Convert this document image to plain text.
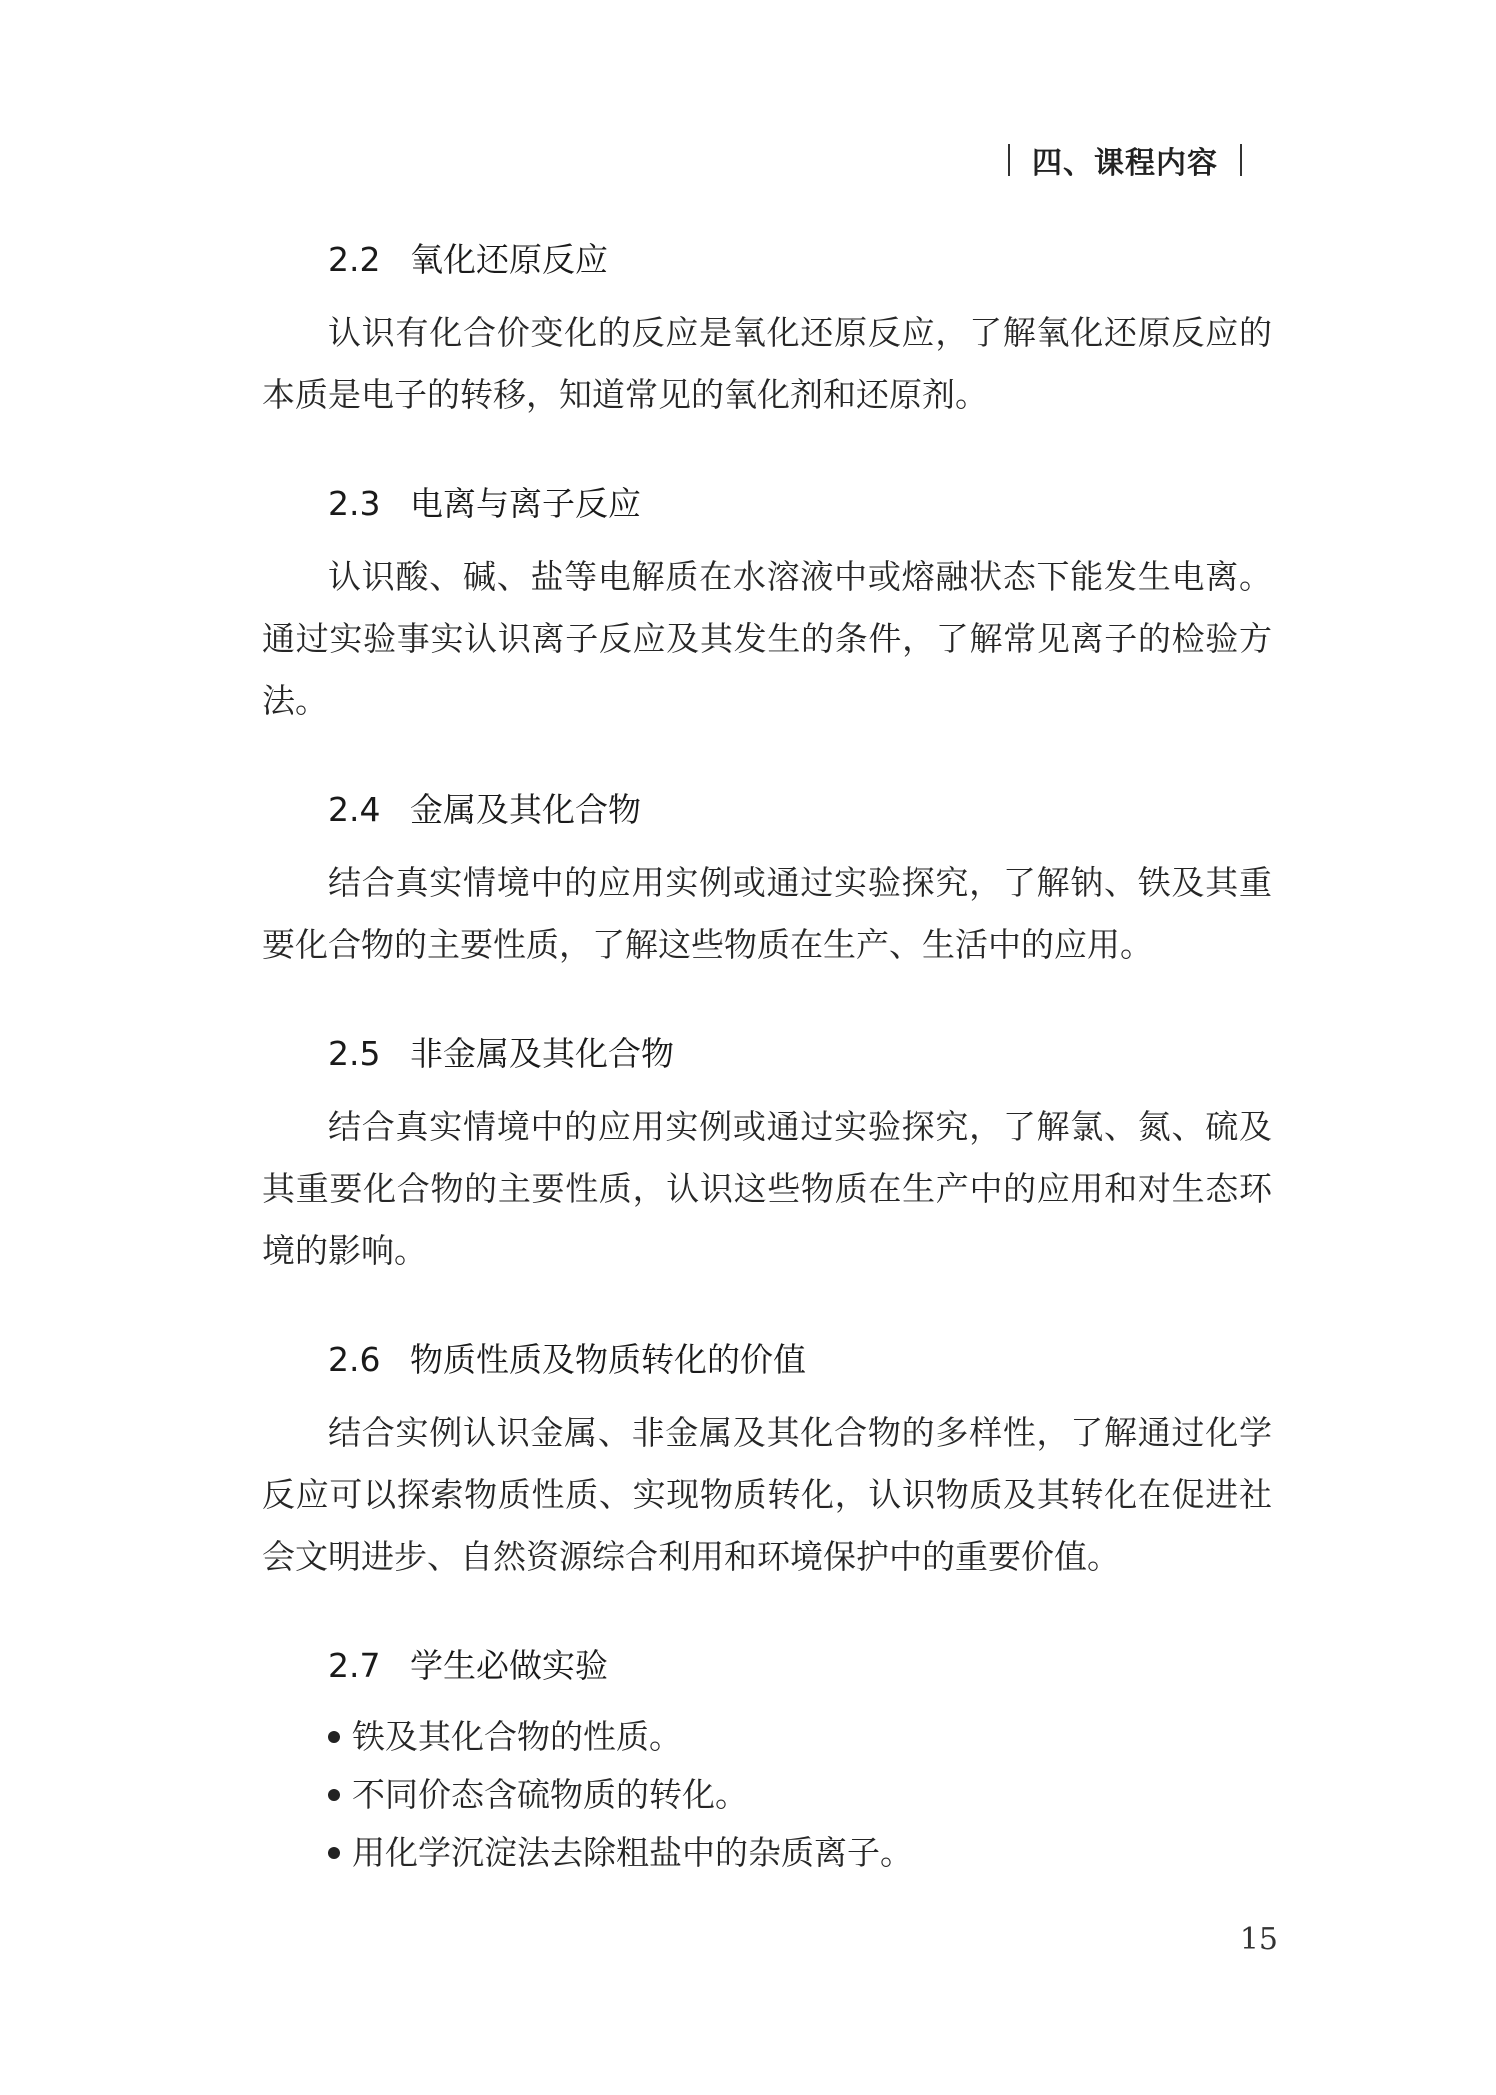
四、课程内容
2.2 氧化还原反应

认识有化合价变化的反应是氧化还原反应，了解氧化还原反应的本质是电子的转移，知道常见的氧化剂和还原剂。

2.3 电离与离子反应

认识酸、碱、盐等电解质在水溶液中或熔融状态下能发生电离。通过实验事实认识离子反应及其发生的条件，了解常见离子的检验方法。

2.4 金属及其化合物

结合真实情境中的应用实例或通过实验探究，了解钠、铁及其重要化合物的主要性质，了解这些物质在生产、生活中的应用。

2.5 非金属及其化合物

结合真实情境中的应用实例或通过实验探究，了解氯、氮、硫及其重要化合物的主要性质，认识这些物质在生产中的应用和对生态环境的影响。

2.6 物质性质及物质转化的价值

结合实例认识金属、非金属及其化合物的多样性，了解通过化学反应可以探索物质性质、实现物质转化，认识物质及其转化在促进社会文明进步、自然资源综合利用和环境保护中的重要价值。

2.7 学生必做实验
铁及其化合物的性质。
不同价态含硫物质的转化。
用化学沉淀法去除粗盐中的杂质离子。
15
